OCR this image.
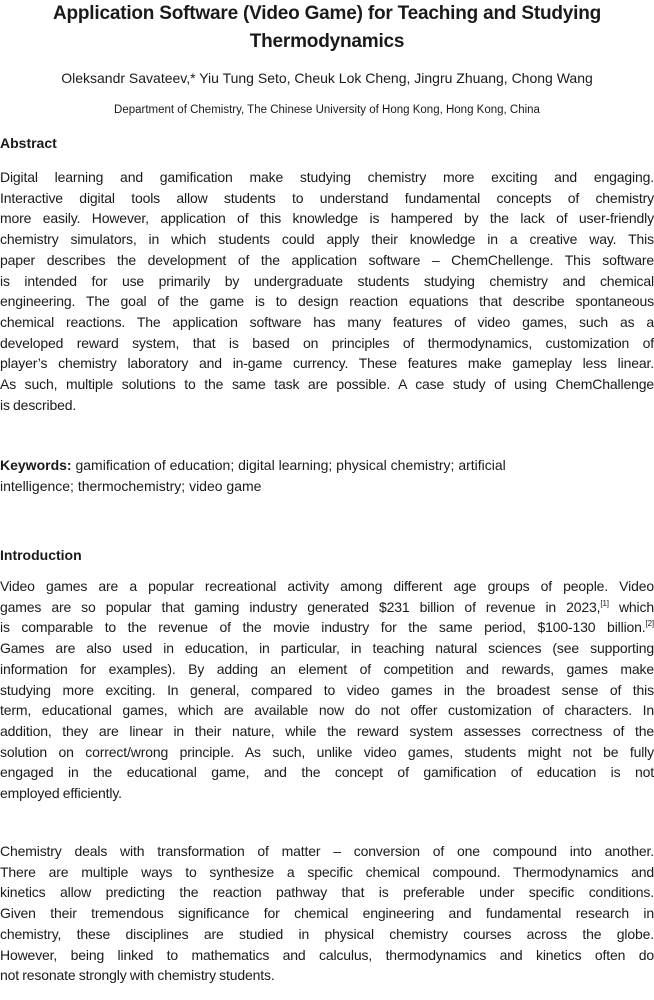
Application Software (Video Game) for Teaching and Studying
Thermodynamics
Oleksandr Savateev,* Yiu Tung Seto, Cheuk Lok Cheng, Jingru Zhuang, Chong Wang
Department of Chemistry, The Chinese University of Hong Kong, Hong Kong, China
Abstract
Digital learning and gamification make studying chemistry more exciting and engaging.
Interactive digital tools allow students to understand fundamental concepts of chemistry
more easily. However, application of this knowledge is hampered by the lack of user-friendly
chemistry simulators, in which students could apply their knowledge in a creative way. This
paper describes the development of the application software – ChemChellenge. This software
is intended for use primarily by undergraduate students studying chemistry and chemical
engineering. The goal of the game is to design reaction equations that describe spontaneous
chemical reactions. The application software has many features of video games, such as a
developed reward system, that is based on principles of thermodynamics, customization of
player’s chemistry laboratory and in-game currency. These features make gameplay less linear.
As such, multiple solutions to the same task are possible. A case study of using ChemChallenge
is described.
Keywords: gamification of education; digital learning; physical chemistry; artificial
intelligence; thermochemistry; video game
Introduction
Video games are a popular recreational activity among different age groups of people. Video
games are so popular that gaming industry generated $231 billion of revenue in 2023,[1] which
is comparable to the revenue of the movie industry for the same period, $100-130 billion.[2]
Games are also used in education, in particular, in teaching natural sciences (see supporting
information for examples). By adding an element of competition and rewards, games make
studying more exciting. In general, compared to video games in the broadest sense of this
term, educational games, which are available now do not offer customization of characters. In
addition, they are linear in their nature, while the reward system assesses correctness of the
solution on correct/wrong principle. As such, unlike video games, students might not be fully
engaged in the educational game, and the concept of gamification of education is not
employed efficiently.
Chemistry deals with transformation of matter – conversion of one compound into another.
There are multiple ways to synthesize a specific chemical compound. Thermodynamics and
kinetics allow predicting the reaction pathway that is preferable under specific conditions.
Given their tremendous significance for chemical engineering and fundamental research in
chemistry, these disciplines are studied in physical chemistry courses across the globe.
However, being linked to mathematics and calculus, thermodynamics and kinetics often do
not resonate strongly with chemistry students.
